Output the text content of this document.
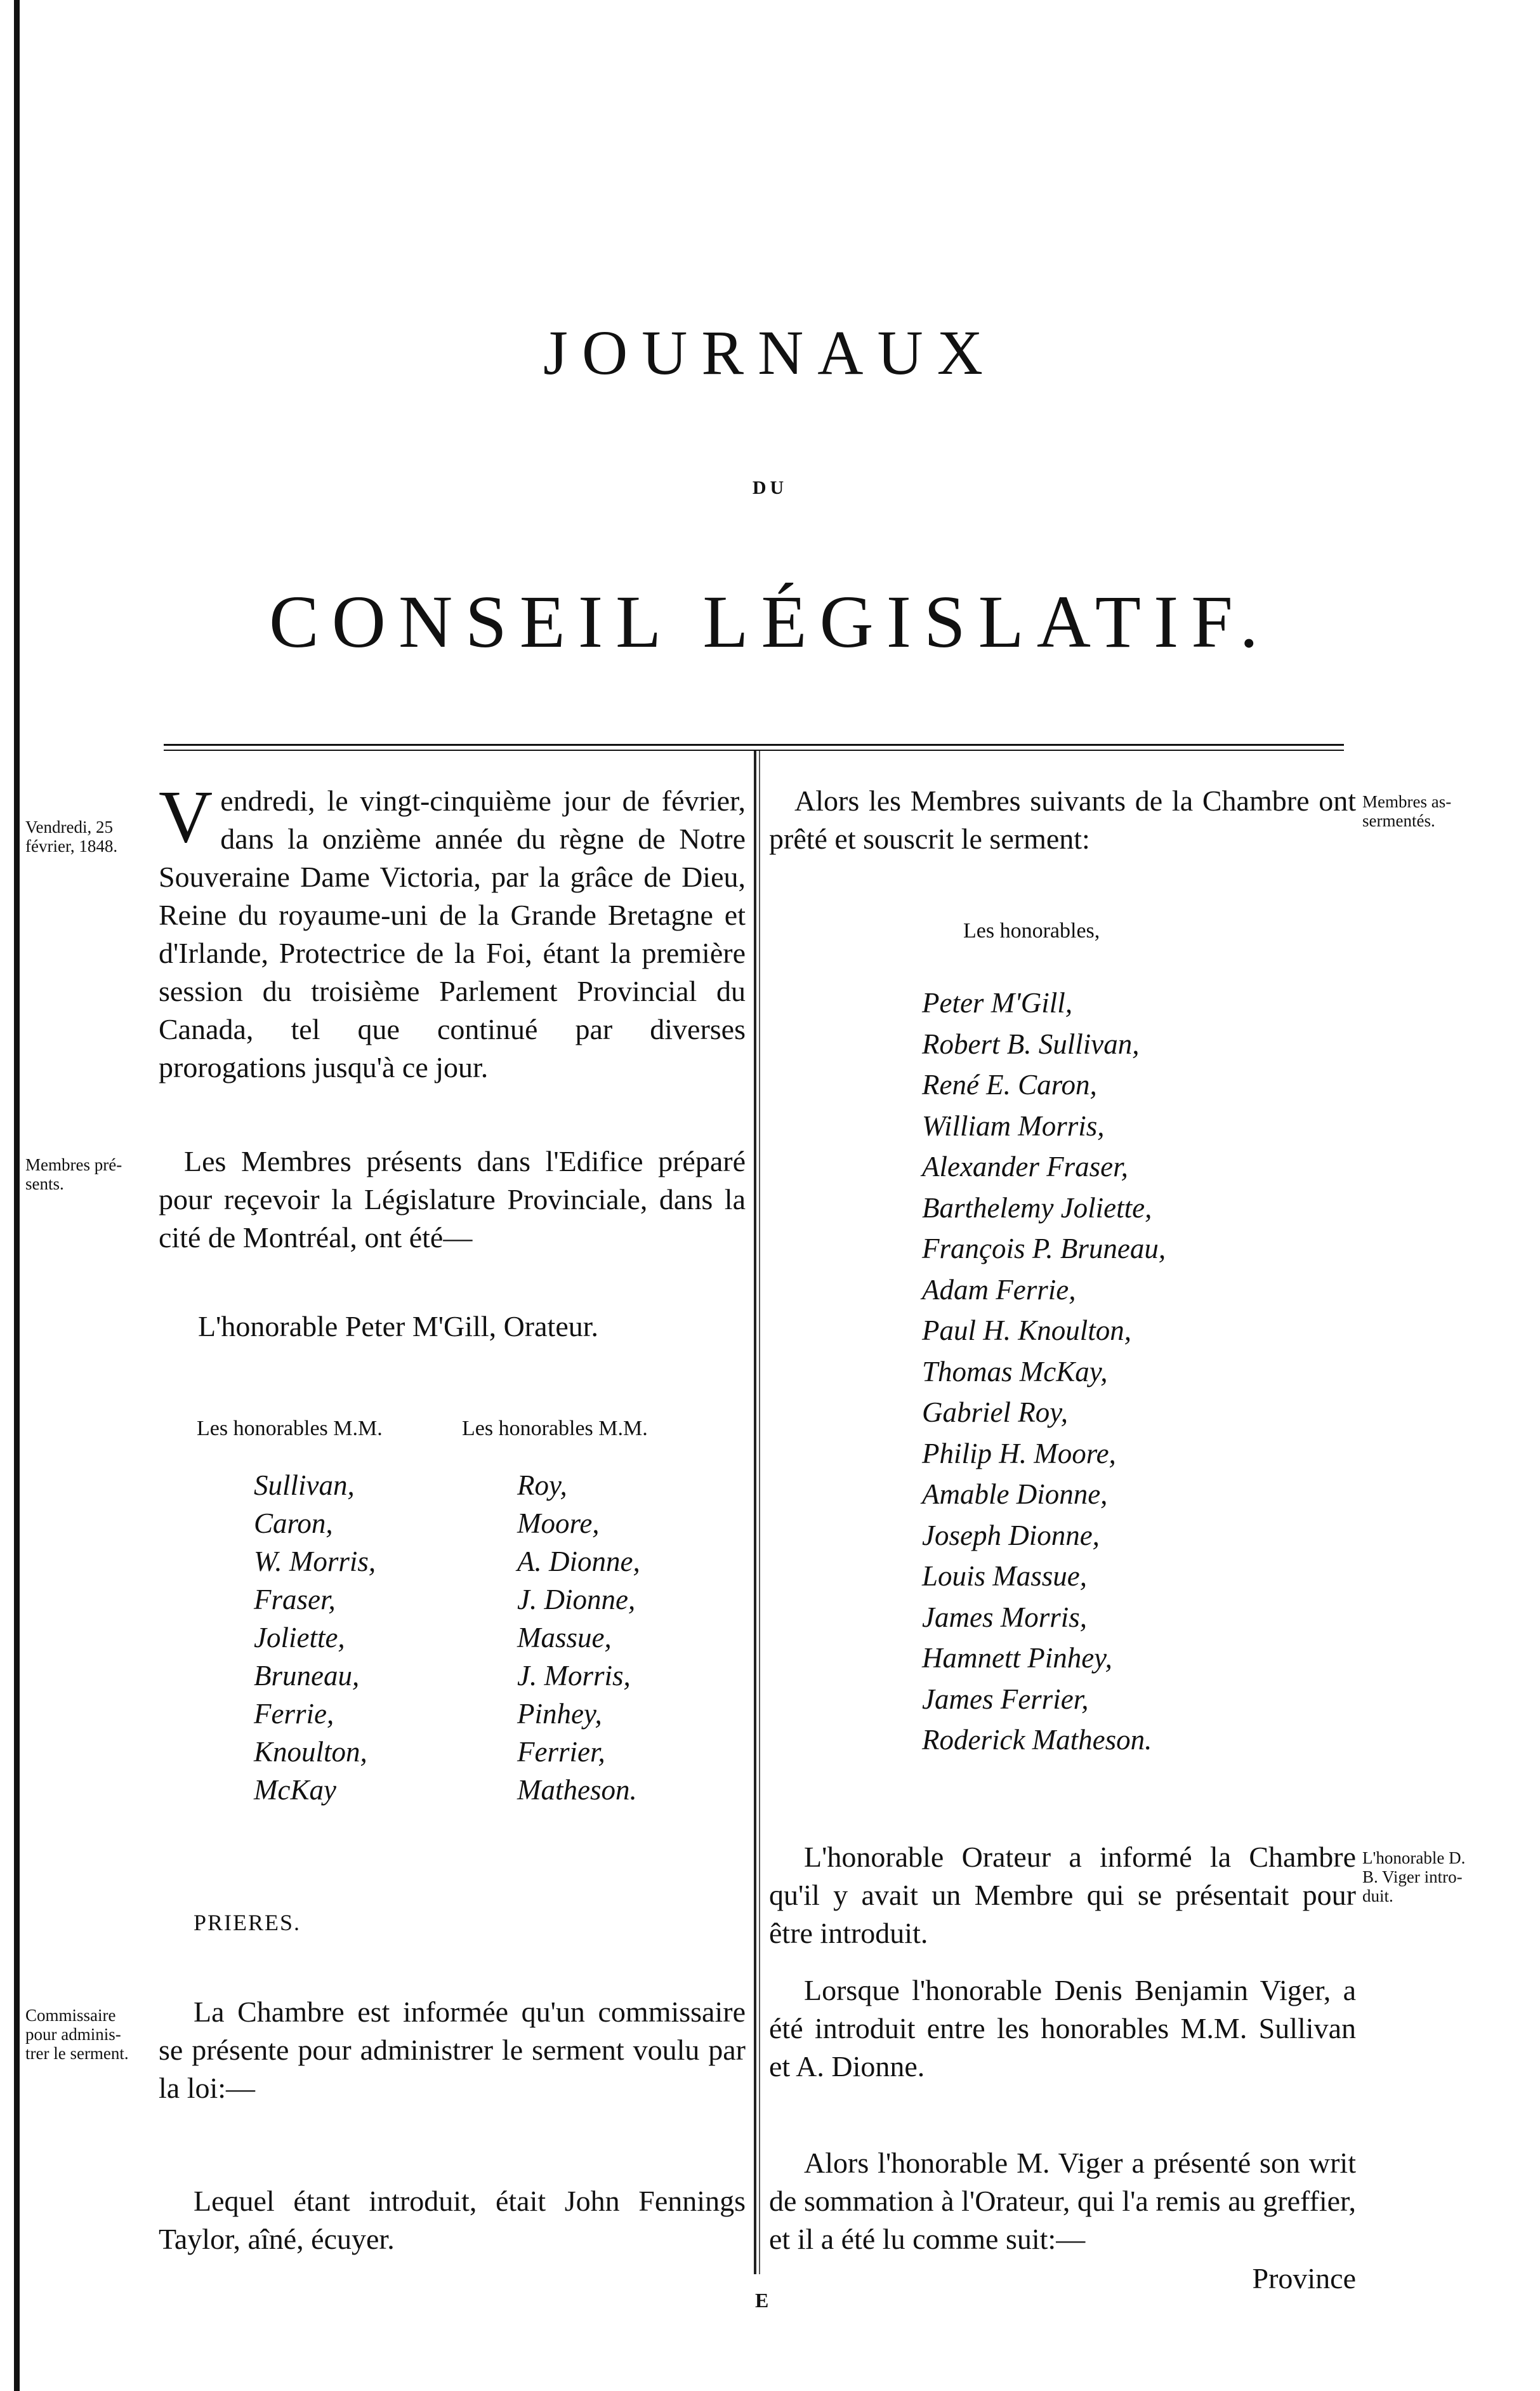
JOURNAUX
DU
CONSEIL LÉGISLATIF.
Vendredi, 25
février, 1848.
Membres pré-
sents.
Commissaire
pour adminis-
trer le serment.
V endredi, le vingt-cinquième jour de février, dans la onzième année du règne de Notre Souveraine Dame Victoria, par la grâce de Dieu, Reine du royaume-uni de la Grande Bretagne et d'Irlande, Protectrice de la Foi, étant la première session du troisième Parlement Provincial du Canada, tel que continué par diverses prorogations jusqu'à ce jour.
Les Membres présents dans l'Edifice préparé pour reçevoir la Législature Provinciale, dans la cité de Montréal, ont été—
L'honorable Peter M'Gill, Orateur.
Les honorables M.M.	Les honorables M.M.
Sullivan,
Caron,
W. Morris,
Fraser,
Joliette,
Bruneau,
Ferrie,
Knoulton,
McKay
Roy,
Moore,
A. Dionne,
J. Dionne,
Massue,
J. Morris,
Pinhey,
Ferrier,
Matheson.
PRIERES.
La Chambre est informée qu'un commissaire se présente pour administrer le serment voulu par la loi:—
Lequel étant introduit, était John Fennings Taylor, aîné, écuyer.
Membres as-
sermentés.
L'honorable D.
B. Viger intro-
duit.
Alors les Membres suivants de la Chambre ont prêté et souscrit le serment:
Les honorables,
Peter M'Gill,
Robert B. Sullivan,
René E. Caron,
William Morris,
Alexander Fraser,
Barthelemy Joliette,
François P. Bruneau,
Adam Ferrie,
Paul H. Knoulton,
Thomas McKay,
Gabriel Roy,
Philip H. Moore,
Amable Dionne,
Joseph Dionne,
Louis Massue,
James Morris,
Hamnett Pinhey,
James Ferrier,
Roderick Matheson.
L'honorable Orateur a informé la Chambre qu'il y avait un Membre qui se présentait pour être introduit.
Lorsque l'honorable Denis Benjamin Viger, a été introduit entre les honorables M.M. Sullivan et A. Dionne.
Alors l'honorable M. Viger a présenté son writ de sommation à l'Orateur, qui l'a remis au greffier, et il a été lu comme suit:—
Province
E
